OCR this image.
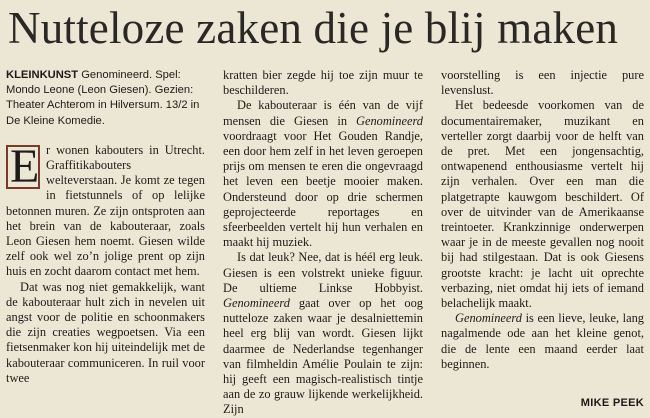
Nutteloze zaken die je blij maken

KLEINKUNST Genomineerd. Spel: Mondo Leone (Leon Giesen). Gezien: Theater Achterom in Hilversum. 13/2 in De Kleine Komedie.

E r wonen kabouters in Utrecht. Graffitikabouters welteverstaan. Je komt ze tegen in fietstunnels of op lelijke betonnen muren. Ze zijn ontsproten aan het brein van de kabouteraar, zoals Leon Giesen hem noemt. Giesen wilde zelf ook wel zo’n jolige prent op zijn huis en zocht daarom contact met hem.

Dat was nog niet gemakkelijk, want de kabouteraar hult zich in nevelen uit angst voor de politie en schoonmakers die zijn creaties wegpoetsen. Via een fietsenmaker kon hij uiteindelijk met de kabouteraar communiceren. In ruil voor twee

kratten bier zegde hij toe zijn muur te beschilderen.

De kabouteraar is één van de vijf mensen die Giesen in Genomineerd voordraagt voor Het Gouden Randje, een door hem zelf in het leven geroepen prijs om mensen te eren die ongevraagd het leven een beetje mooier maken. Ondersteund door op drie schermen geprojecteerde reportages en sfeerbeelden vertelt hij hun verhalen en maakt hij muziek.

Is dat leuk? Nee, dat is héél erg leuk. Giesen is een volstrekt unieke figuur. De ultieme Linkse Hobbyist. Genomineerd gaat over op het oog nutteloze zaken waar je desalniettemin heel erg blij van wordt. Giesen lijkt daarmee de Nederlandse tegenhanger van filmheldin Amélie Poulain te zijn: hij geeft een magisch-realistisch tintje aan de zo grauw lijkende werkelijkheid. Zijn

voorstelling is een injectie pure levenslust.

Het bedeesde voorkomen van de documentairemaker, muzikant en verteller zorgt daarbij voor de helft van de pret. Met een jongensachtig, ontwapenend enthousiasme vertelt hij zijn verhalen. Over een man die platgetrapte kauwgom beschildert. Of over de uitvinder van de Amerikaanse treintoeter. Krankzinnige onderwerpen waar je in de meeste gevallen nog nooit bij had stilgestaan. Dat is ook Giesens grootste kracht: je lacht uit oprechte verbazing, niet omdat hij iets of iemand belachelijk maakt.

Genomineerd is een lieve, leuke, lang nagalmende ode aan het kleine genot, die de lente een maand eerder laat beginnen.

MIKE PEEK
